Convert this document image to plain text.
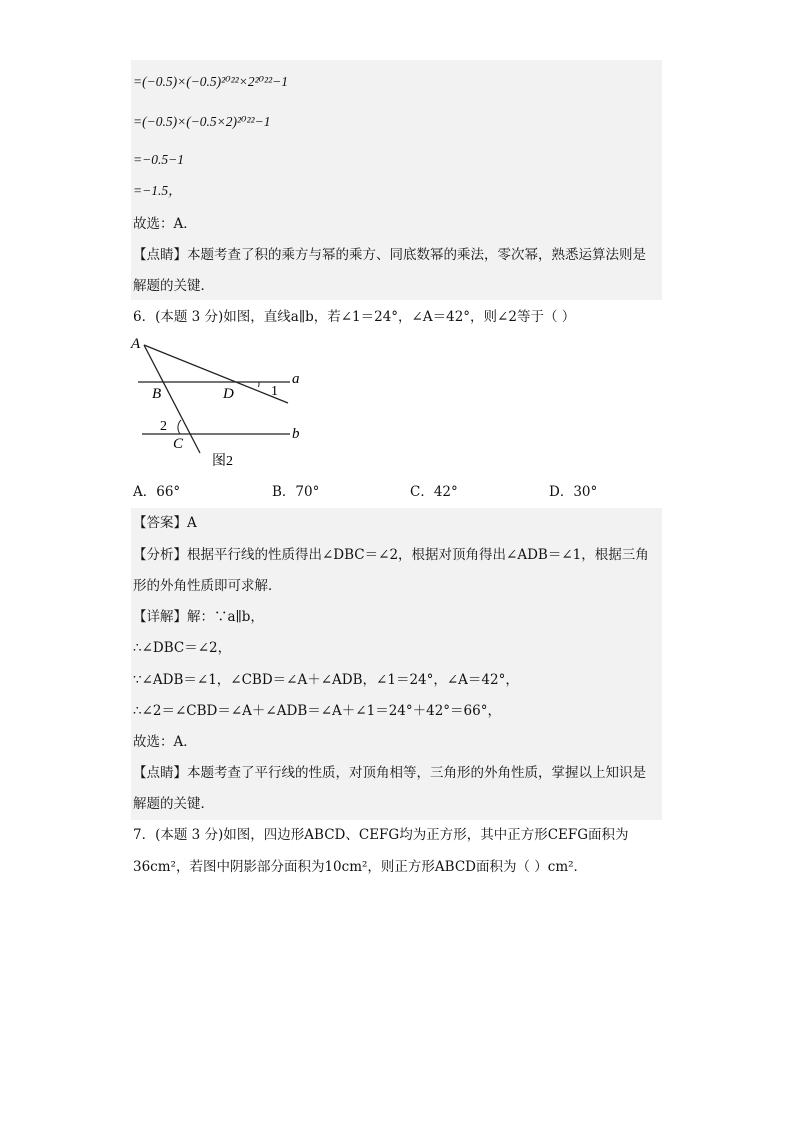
=(−0.5)×(−0.5)²⁰²²×2²⁰²²−1
=(−0.5)×(−0.5×2)²⁰²²−1
=−0.5−1
=−1.5，
故选：A．
【点睛】本题考查了积的乘方与幂的乘方、同底数幂的乘法，零次幂，熟悉运算法则是
解题的关键．
6．(本题 3 分)如图，直线a∥b，若∠1＝24°，∠A＝42°，则∠2等于（ ）
A
B	D
a
1
2
C
b
图2
A．66°	B．70°	C．42°	D．30°
【答案】A
【分析】根据平行线的性质得出∠DBC＝∠2，根据对顶角得出∠ADB＝∠1，根据三角
形的外角性质即可求解．
【详解】解：∵a∥b，
∴∠DBC＝∠2，
∵∠ADB＝∠1，∠CBD＝∠A＋∠ADB，∠1＝24°，∠A＝42°，
∴∠2＝∠CBD＝∠A＋∠ADB＝∠A＋∠1＝24°＋42°＝66°，
故选：A．
【点睛】本题考查了平行线的性质，对顶角相等，三角形的外角性质，掌握以上知识是
解题的关键．
7．(本题 3 分)如图，四边形ABCD、CEFG均为正方形，其中正方形CEFG面积为
36cm²，若图中阴影部分面积为10cm²，则正方形ABCD面积为（ ）cm²．
